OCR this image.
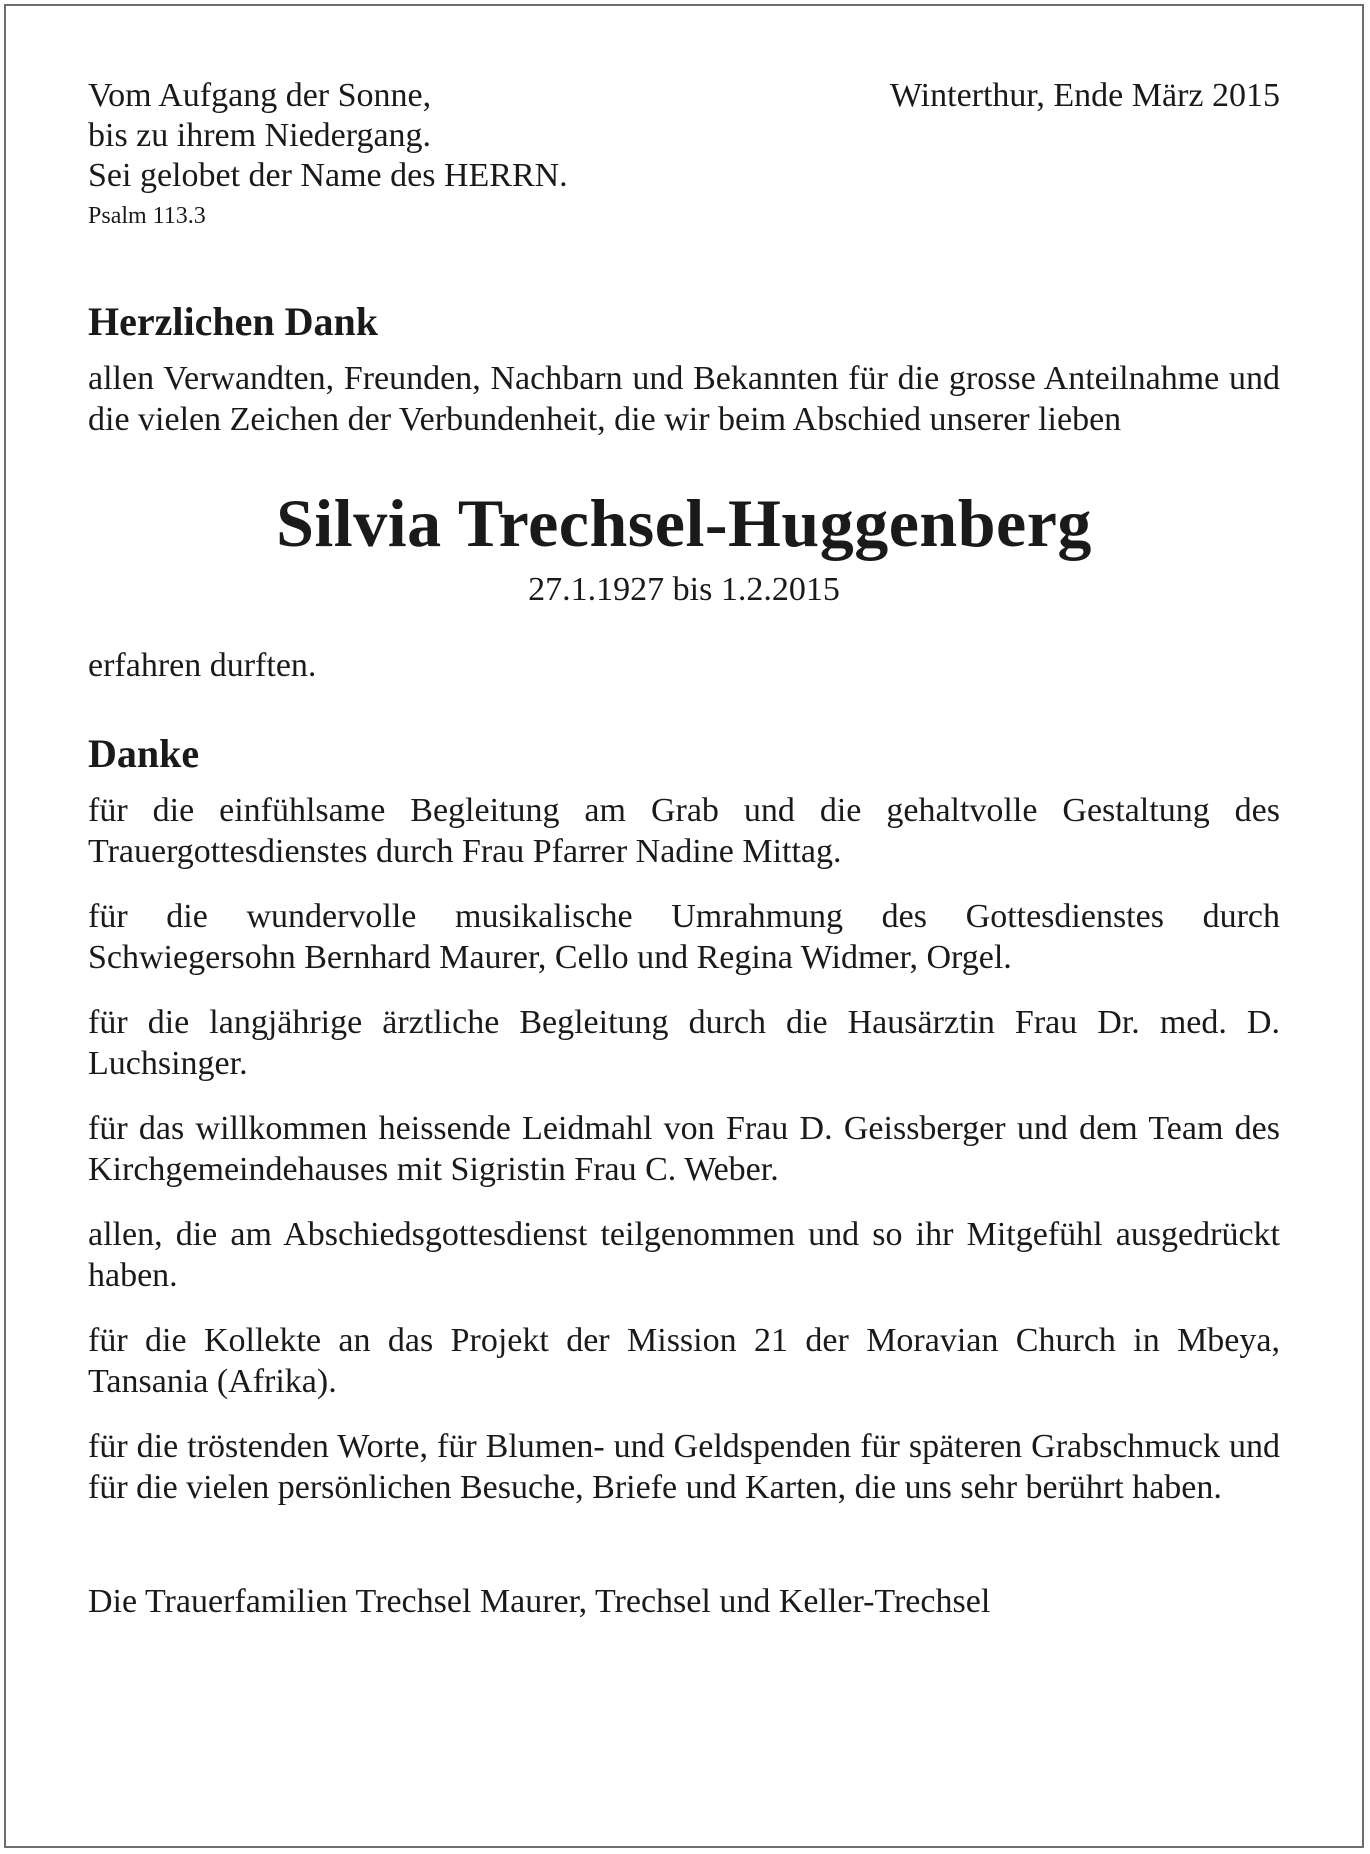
Vom Aufgang der Sonne,
bis zu ihrem Niedergang.
Sei gelobet der Name des HERRN.
Psalm 113.3
Winterthur, Ende März 2015
Herzlichen Dank

allen Verwandten, Freunden, Nachbarn und Bekannten für die grosse Anteilnahme und die vielen Zeichen der Verbundenheit, die wir beim Abschied unserer lieben

Silvia Trechsel-Huggenberg
27.1.1927 bis 1.2.2015
erfahren durften.
Danke

für die einfühlsame Begleitung am Grab und die gehaltvolle Gestaltung des Trauergottesdienstes durch Frau Pfarrer Nadine Mittag.

für die wundervolle musikalische Umrahmung des Gottesdienstes durch Schwiegersohn Bernhard Maurer, Cello und Regina Widmer, Orgel.

für die langjährige ärztliche Begleitung durch die Hausärztin Frau Dr. med. D. Luchsinger.

für das willkommen heissende Leidmahl von Frau D. Geissberger und dem Team des Kirchgemeindehauses mit Sigristin Frau C. Weber.

allen, die am Abschiedsgottesdienst teilgenommen und so ihr Mitgefühl ausgedrückt haben.

für die Kollekte an das Projekt der Mission 21 der Moravian Church in Mbeya, Tansania (Afrika).

für die tröstenden Worte, für Blumen- und Geldspenden für späteren Grabschmuck und für die vielen persönlichen Besuche, Briefe und Karten, die uns sehr berührt haben.

Die Trauerfamilien Trechsel Maurer, Trechsel und Keller-Trechsel
